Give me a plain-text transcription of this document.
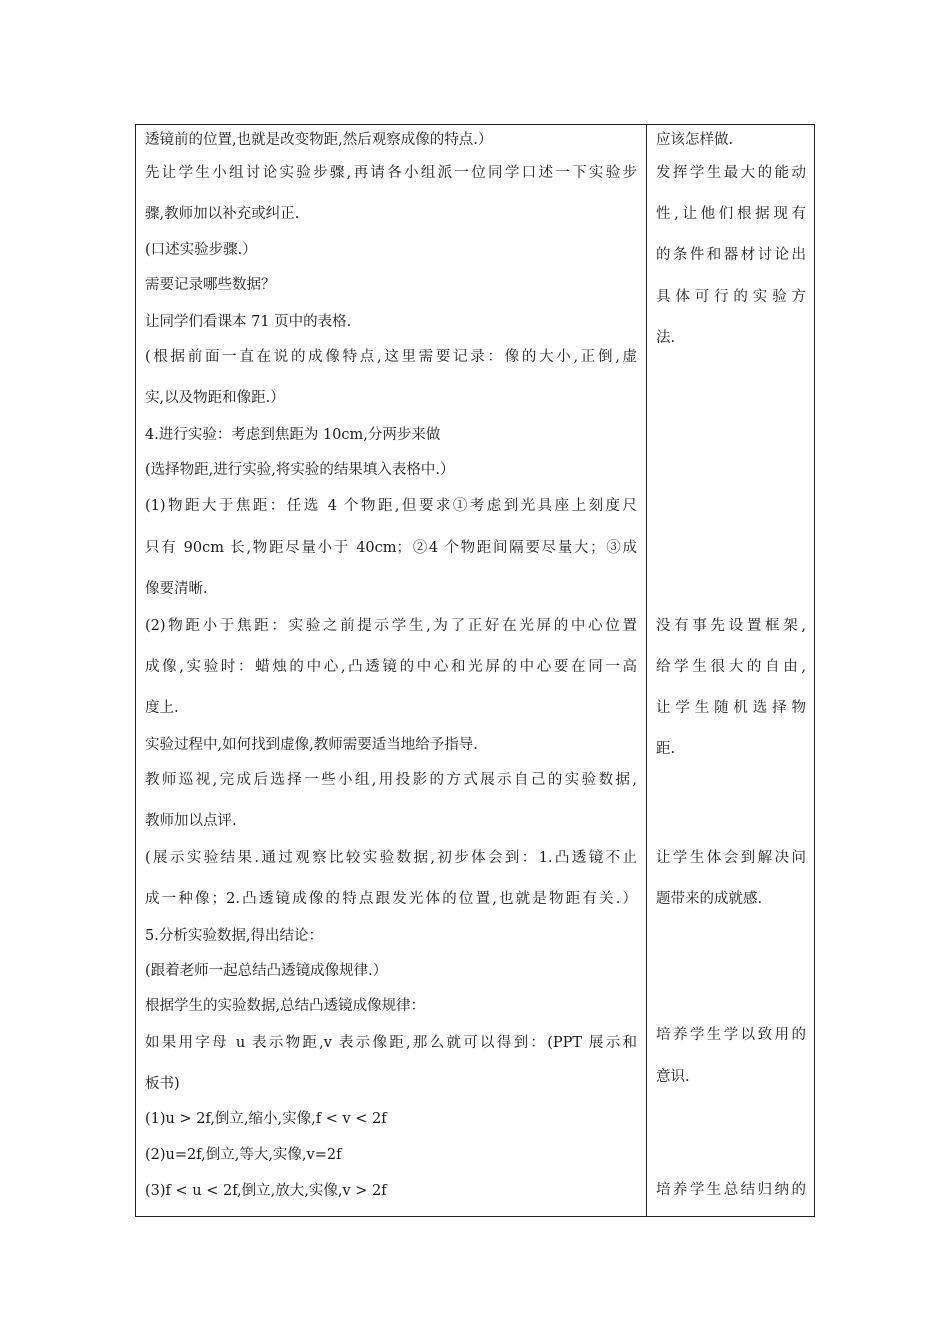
透镜前的位置,也就是改变物距,然后观察成像的特点.）
先让学生小组讨论实验步骤,再请各小组派一位同学口述一下实验步
骤,教师加以补充或纠正.
(口述实验步骤.）
需要记录哪些数据？
让同学们看课本 71 页中的表格.
(根据前面一直在说的成像特点,这里需要记录：像的大小,正倒,虚
实,以及物距和像距.）
4.进行实验：考虑到焦距为 10cm,分两步来做
(选择物距,进行实验,将实验的结果填入表格中.）
(1)物距大于焦距：任选 4 个物距,但要求①考虑到光具座上刻度尺
只有 90cm 长,物距尽量小于 40cm；②4 个物距间隔要尽量大；③成
像要清晰.
(2)物距小于焦距：实验之前提示学生,为了正好在光屏的中心位置
成像,实验时：蜡烛的中心,凸透镜的中心和光屏的中心要在同一高
度上.
实验过程中,如何找到虚像,教师需要适当地给予指导.
教师巡视,完成后选择一些小组,用投影的方式展示自己的实验数据,
教师加以点评.
(展示实验结果.通过观察比较实验数据,初步体会到：1.凸透镜不止
成一种像；2.凸透镜成像的特点跟发光体的位置,也就是物距有关.）
5.分析实验数据,得出结论：
(跟着老师一起总结凸透镜成像规律.）
根据学生的实验数据,总结凸透镜成像规律：
如果用字母 u 表示物距,v 表示像距,那么就可以得到：(PPT 展示和
板书)
(1)u > 2f,倒立,缩小,实像,f < v < 2f
(2)u=2f,倒立,等大,实像,v=2f
(3)f < u < 2f,倒立,放大,实像,v > 2f
应该怎样做.
发挥学生最大的能动
性,让他们根据现有
的条件和器材讨论出
具体可行的实验方
法.
没有事先设置框架,
给学生很大的自由,
让学生随机选择物
距.
让学生体会到解决问
题带来的成就感.
培养学生学以致用的
意识.
培养学生总结归纳的
